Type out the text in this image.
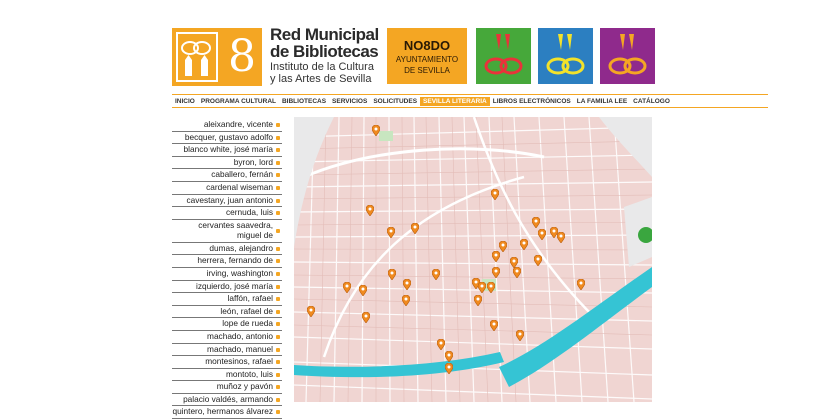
8 Red Municipal
de Bibliotecas
Instituto de la Cultura
y las Artes de Sevilla
NO8DO
AYUNTAMIENTO
DE SEVILLA
INICIO PROGRAMA CULTURAL BIBLIOTECAS SERVICIOS SOLICITUDES SEVILLA LITERARIA LIBROS ELECTRÓNICOS LA FAMILIA LEE CATÁLOGO
aleixandre, vicente
becquer, gustavo adolfo
blanco white, josé maría
byron, lord
caballero, fernán
cardenal wiseman
cavestany, juan antonio
cernuda, luis
cervantes saavedra, miguel de
dumas, alejandro
herrera, fernando de
irving, washington
izquierdo, josé maría
laffón, rafael
león, rafael de
lope de rueda
machado, antonio
machado, manuel
montesinos, rafael
montoto, luis
muñoz y pavón
palacio valdés, armando
quintero, hermanos álvarez
